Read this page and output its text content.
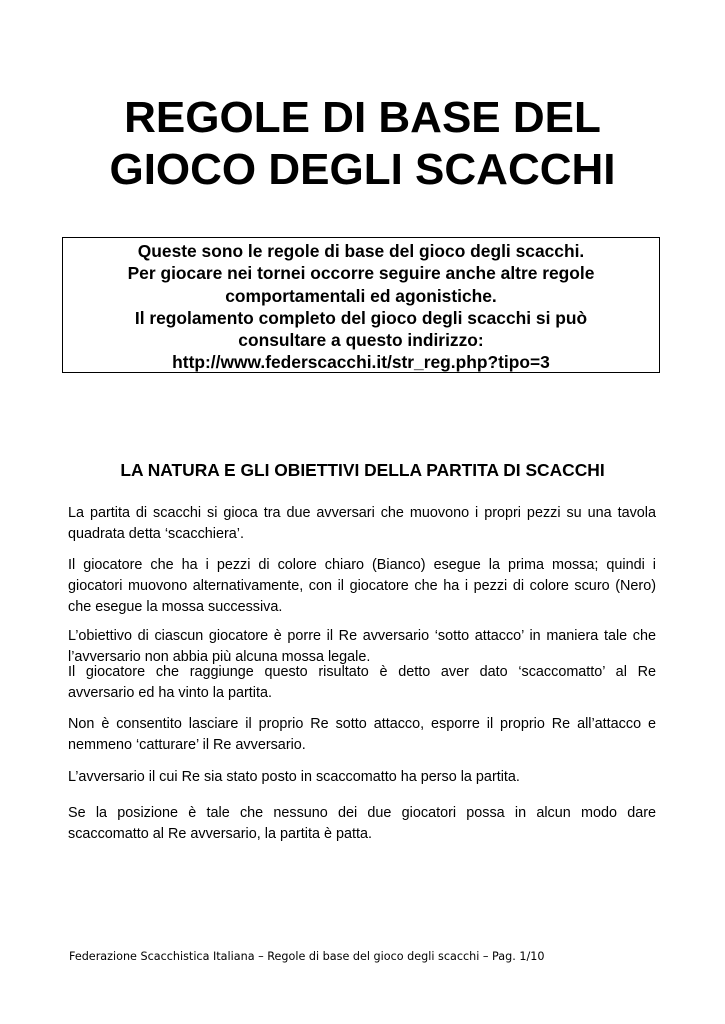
REGOLE DI BASE DEL
GIOCO DEGLI SCACCHI
Queste sono le regole di base del gioco degli scacchi.
Per giocare nei tornei occorre seguire anche altre regole
comportamentali ed agonistiche.
Il regolamento completo del gioco degli scacchi si può
consultare a questo indirizzo:
http://www.federscacchi.it/str_reg.php?tipo=3
LA NATURA E GLI OBIETTIVI DELLA PARTITA DI SCACCHI
La partita di scacchi si gioca tra due avversari che muovono i propri pezzi su una tavola
quadrata detta ‘scacchiera’.
Il giocatore che ha i pezzi di colore chiaro (Bianco) esegue la prima mossa; quindi i
giocatori muovono alternativamente, con il giocatore che ha i pezzi di colore scuro (Nero)
che esegue la mossa successiva.
L’obiettivo di ciascun giocatore è porre il Re avversario ‘sotto attacco’ in maniera tale che
l’avversario non abbia più alcuna mossa legale.
Il giocatore che raggiunge questo risultato è detto aver dato ‘scaccomatto’ al Re
avversario ed ha vinto la partita.
Non è consentito lasciare il proprio Re sotto attacco, esporre il proprio Re all’attacco e
nemmeno ‘catturare’ il Re avversario.
L’avversario il cui Re sia stato posto in scaccomatto ha perso la partita.
Se la posizione è tale che nessuno dei due giocatori possa in alcun modo dare
scaccomatto al Re avversario, la partita è patta.
Federazione Scacchistica Italiana – Regole di base del gioco degli scacchi – Pag. 1/10
